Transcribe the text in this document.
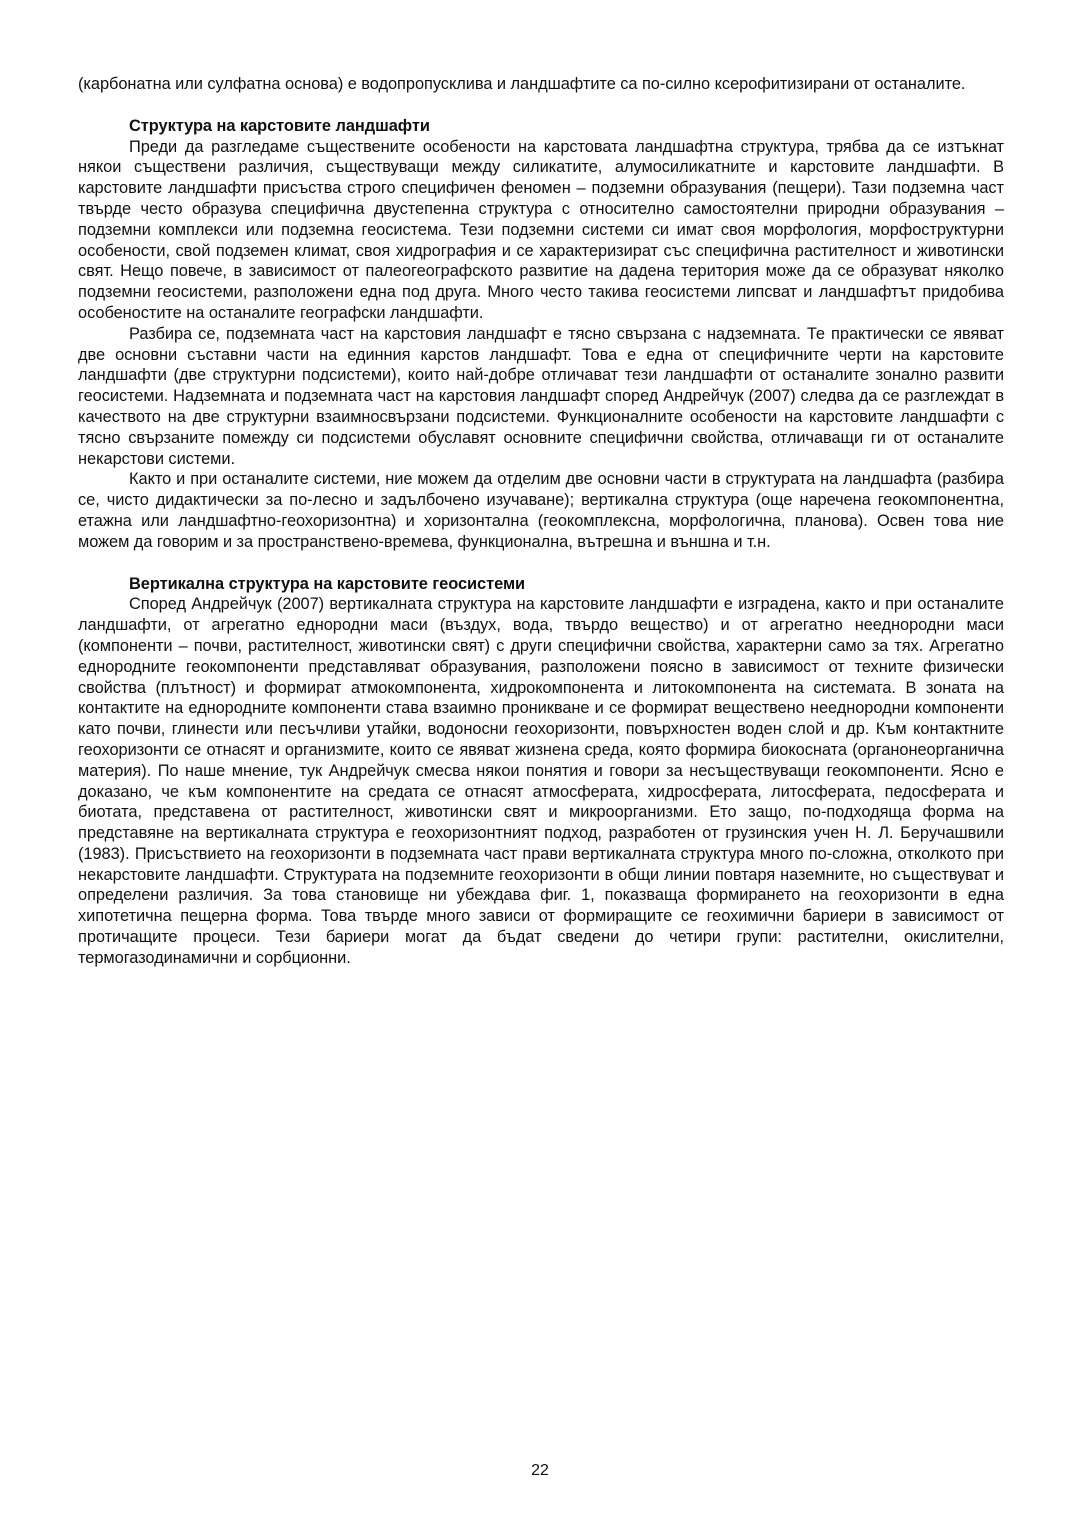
(карбонатна или сулфатна основа) е водопропусклива и ландшафтите са по-силно ксерофитизирани от останалите.

Структура на карстовите ландшафти

Преди да разгледаме съществените особености на карстовата ландшафтна структура, трябва да се изтъкнат някои съществени различия, съществуващи между силикатите, алумосиликатните и карстовите ландшафти. В карстовите ландшафти присъства строго специфичен феномен – подземни образувания (пещери). Тази подземна част твърде често образува специфична двустепенна структура с относително самостоятелни природни образувания – подземни комплекси или подземна геосистема. Тези подземни системи си имат своя морфология, морфоструктурни особености, свой подземен климат, своя хидрография и се характеризират със специфична растителност и животински свят. Нещо повече, в зависимост от палеогеографското развитие на дадена територия може да се образуват няколко подземни геосистеми, разположени една под друга. Много често такива геосистеми липсват и ландшафтът придобива особеностите на останалите географски ландшафти.

Разбира се, подземната част на карстовия ландшафт е тясно свързана с надземната. Те практически се явяват две основни съставни части на единния карстов ландшафт. Това е една от специфичните черти на карстовите ландшафти (две структурни подсистеми), които най-добре отличават тези ландшафти от останалите зонално развити геосистеми. Надземната и подземната част на карстовия ландшафт според Андрейчук (2007) следва да се разглеждат в качеството на две структурни взаимносвързани подсистеми. Функционалните особености на карстовите ландшафти с тясно свързаните помежду си подсистеми обуславят основните специфични свойства, отличаващи ги от останалите некарстови системи.

Както и при останалите системи, ние можем да отделим две основни части в структурата на ландшафта (разбира се, чисто дидактически за по-лесно и задълбочено изучаване); вертикална структура (още наречена геокомпонентна, етажна или ландшафтно-геохоризонтна) и хоризонтална (геокомплексна, морфологична, планова). Освен това ние можем да говорим и за пространствено-времева, функционална, вътрешна и външна и т.н.

Вертикална структура на карстовите геосистеми

Според Андрейчук (2007) вертикалната структура на карстовите ландшафти е изградена, както и при останалите ландшафти, от агрегатно еднородни маси (въздух, вода, твърдо вещество) и от агрегатно нееднородни маси (компоненти – почви, растителност, животински свят) с други специфични свойства, характерни само за тях. Агрегатно еднородните геокомпоненти представляват образувания, разположени поясно в зависимост от техните физически свойства (плътност) и формират атмокомпонента, хидрокомпонента и литокомпонента на системата. В зоната на контактите на еднородните компоненти става взаимно проникване и се формират вещественo нееднородни компоненти като почви, глинести или песъчливи утайки, водоносни геохоризонти, повърхностен воден слой и др. Към контактните геохоризонти се отнасят и организмите, които се явяват жизнена среда, която формира биокосната (органонеорганична материя). По наше мнение, тук Андрейчук смесва някои понятия и говори за несъществуващи геокомпоненти. Ясно е доказано, че към компонентите на средата се отнасят атмосферата, хидросферата, литосферата, педосферата и биотата, представена от растителност, животински свят и микроорганизми. Ето защо, по-подходяща форма на представяне на вертикалната структура е геохоризонтният подход, разработен от грузинския учен Н. Л. Беручашвили (1983). Присъствието на геохоризонти в подземната част прави вертикалната структура много по-сложна, отколкото при некарстовите ландшафти. Структурата на подземните геохоризонти в общи линии повтаря наземните, но съществуват и определени различия. За това становище ни убеждава фиг. 1, показваща формирането на геохоризонти в една хипотетична пещерна форма. Това твърде много зависи от формиращите се геохимични бариери в зависимост от протичащите процеси. Тези бариери могат да бъдат сведени до четири групи: растителни, окислителни, термогазодинамични и сорбционни.

22
